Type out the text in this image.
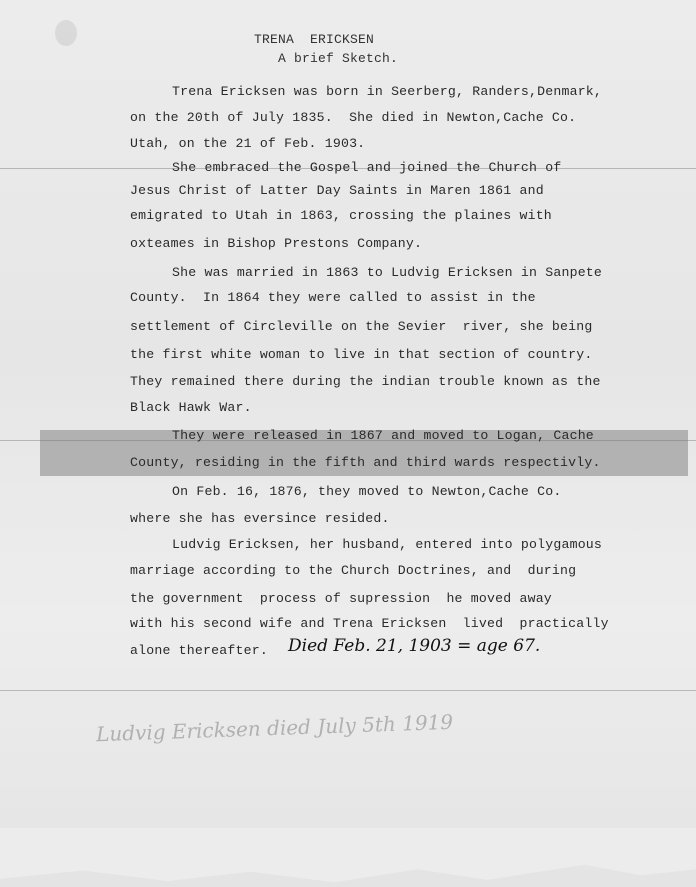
TRENA  ERICKSEN
A brief Sketch.
Trena Ericksen was born in Seerberg, Randers,Denmark,
on the 20th of July 1835.  She died in Newton,Cache Co.
Utah, on the 21 of Feb. 1903.
She embraced the Gospel and joined the Church of
Jesus Christ of Latter Day Saints in Maren 1861 and
emigrated to Utah in 1863, crossing the plaines with
oxteames in Bishop Prestons Company.
She was married in 1863 to Ludvig Ericksen in Sanpete
County.  In 1864 they were called to assist in the
settlement of Circleville on the Sevier  river, she being
the first white woman to live in that section of country.
They remained there during the indian trouble known as the
Black Hawk War.
They were released in 1867 and moved to Logan, Cache
County, residing in the fifth and third wards respectivly.
On Feb. 16, 1876, they moved to Newton,Cache Co.
where she has eversince resided.
Ludvig Ericksen, her husband, entered into polygamous
marriage according to the Church Doctrines, and  during
the government  process of supression  he moved away
with his second wife and Trena Ericksen  lived  practically
alone thereafter. Died Feb. 21, 1903 = age 67.
Ludvig Ericksen died July 5th 1919
